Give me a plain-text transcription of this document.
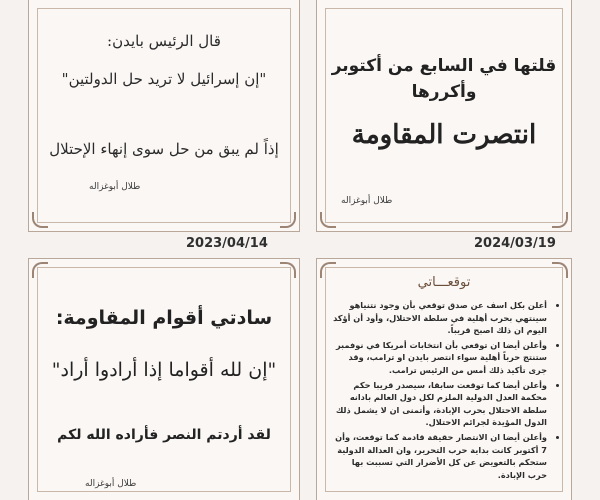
قال الرئيس بايدن:
"إن إسرائيل لا تريد حل الدولتين"
إذاً لم يبق من حل سوى إنهاء الإحتلال
طلال أبوغزاله
2023/04/14
قلتها في السابع من أكتوبر
وأكررها
انتصرت المقاومة
طلال أبوغزاله
2024/03/19
سادتي أقوام المقاومة:
"إن لله أقواما إذا أرادوا أراد"
لقد أردتم النصر فأراده الله لكم
طلال أبوغزاله
توقعـــاتي
• أعلن بكل اسف عن صدق توقعي بأن وجود نتنياهو سينتهي بحرب أهلية في سلطة الاحتلال، وأود أن أؤكد اليوم ان ذلك اصبح قريباً.
• وأعلن أيضا ان توقعي بأن انتخابات أمريكا في نوفمبر ستنتج حرباً أهلية سواء انتصر بايدن او ترامب، وقد جرى تأكيد ذلك أمس من الرئيس ترامب.
• وأعلن أيضا كما توقعت سابقا، سيصدر قريبا حكم محكمة العدل الدولية الملزم لكل دول العالم بادانه سلطة الاحتلال بحرب الإبادة، وأتمنى ان لا يشمل ذلك الدول المؤيدة لجرائم الاحتلال.
• وأعلن أيضا ان الانتصار حقيقة قادمة كما توقعت، وأن 7 أكتوبر كانت بداية حرب التحرير، وان العدالة الدولية ستحكم بالتعويض عن كل الأضرار التي تسببت بها حرب الإبادة.
